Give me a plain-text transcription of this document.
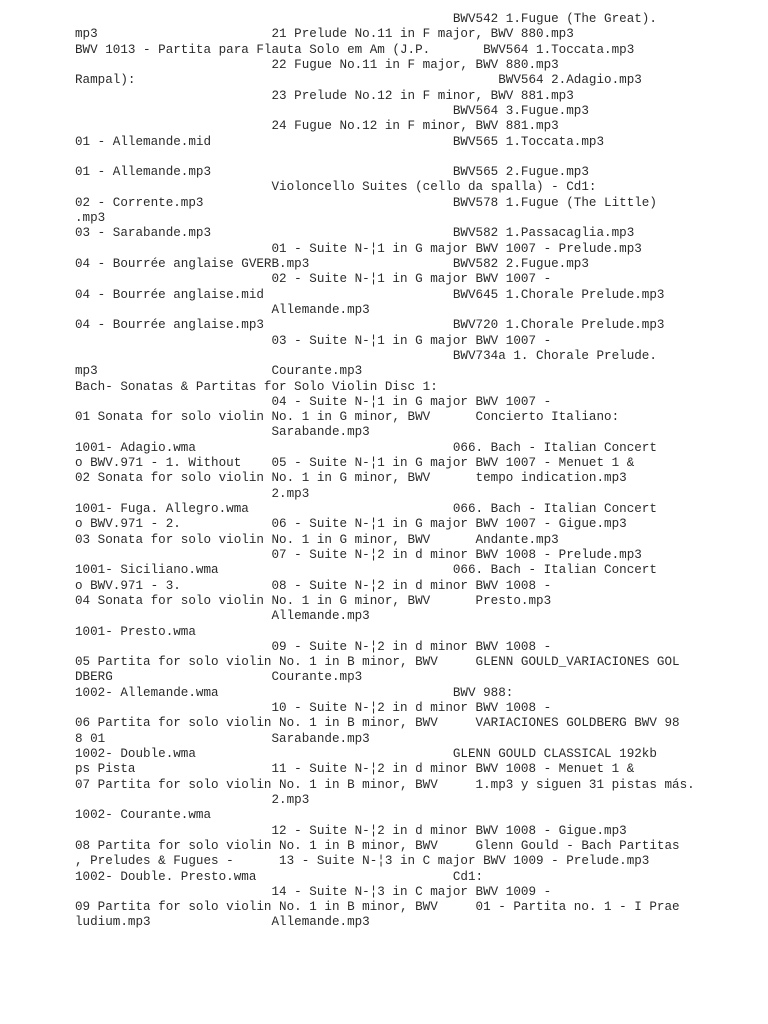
BWV542 1.Fugue (The Great).
mp3                       21 Prelude No.11 in F major, BWV 880.mp3
BWV 1013 - Partita para Flauta Solo em Am (J.P.       BWV564 1.Toccata.mp3
22 Fugue No.11 in F major, BWV 880.mp3
Rampal):                                                BWV564 2.Adagio.mp3
23 Prelude No.12 in F minor, BWV 881.mp3
BWV564 3.Fugue.mp3
24 Fugue No.12 in F minor, BWV 881.mp3
01 - Allemande.mid                                BWV565 1.Toccata.mp3
01 - Allemande.mp3                                BWV565 2.Fugue.mp3
Violoncello Suites (cello da spalla) - Cd1:
02 - Corrente.mp3                                 BWV578 1.Fugue (The Little)
.mp3
03 - Sarabande.mp3                                BWV582 1.Passacaglia.mp3
01 - Suite N-¦1 in G major BWV 1007 - Prelude.mp3
04 - Bourrée anglaise GVERB.mp3                   BWV582 2.Fugue.mp3
02 - Suite N-¦1 in G major BWV 1007 -
04 - Bourrée anglaise.mid                         BWV645 1.Chorale Prelude.mp3
Allemande.mp3
04 - Bourrée anglaise.mp3                         BWV720 1.Chorale Prelude.mp3
03 - Suite N-¦1 in G major BWV 1007 -
BWV734a 1. Chorale Prelude.
mp3                       Courante.mp3
Bach- Sonatas & Partitas for Solo Violin Disc 1:
04 - Suite N-¦1 in G major BWV 1007 -
01 Sonata for solo violin No. 1 in G minor, BWV      Concierto Italiano:
Sarabande.mp3
1001- Adagio.wma                                  066. Bach - Italian Concert
o BWV.971 - 1. Without    05 - Suite N-¦1 in G major BWV 1007 - Menuet 1 &
02 Sonata for solo violin No. 1 in G minor, BWV      tempo indication.mp3
2.mp3
1001- Fuga. Allegro.wma                           066. Bach - Italian Concert
o BWV.971 - 2.            06 - Suite N-¦1 in G major BWV 1007 - Gigue.mp3
03 Sonata for solo violin No. 1 in G minor, BWV      Andante.mp3
07 - Suite N-¦2 in d minor BWV 1008 - Prelude.mp3
1001- Siciliano.wma                               066. Bach - Italian Concert
o BWV.971 - 3.            08 - Suite N-¦2 in d minor BWV 1008 -
04 Sonata for solo violin No. 1 in G minor, BWV      Presto.mp3
Allemande.mp3
1001- Presto.wma
09 - Suite N-¦2 in d minor BWV 1008 -
05 Partita for solo violin No. 1 in B minor, BWV     GLENN GOULD_VARIACIONES GOL
DBERG                     Courante.mp3
1002- Allemande.wma                               BWV 988:
10 - Suite N-¦2 in d minor BWV 1008 -
06 Partita for solo violin No. 1 in B minor, BWV     VARIACIONES GOLDBERG BWV 98
8 01                      Sarabande.mp3
1002- Double.wma                                  GLENN GOULD CLASSICAL 192kb
ps Pista                  11 - Suite N-¦2 in d minor BWV 1008 - Menuet 1 &
07 Partita for solo violin No. 1 in B minor, BWV     1.mp3 y siguen 31 pistas más.
2.mp3
1002- Courante.wma
12 - Suite N-¦2 in d minor BWV 1008 - Gigue.mp3
08 Partita for solo violin No. 1 in B minor, BWV     Glenn Gould - Bach Partitas
, Preludes & Fugues -      13 - Suite N-¦3 in C major BWV 1009 - Prelude.mp3
1002- Double. Presto.wma                          Cd1:
14 - Suite N-¦3 in C major BWV 1009 -
09 Partita for solo violin No. 1 in B minor, BWV     01 - Partita no. 1 - I Prae
ludium.mp3                Allemande.mp3
